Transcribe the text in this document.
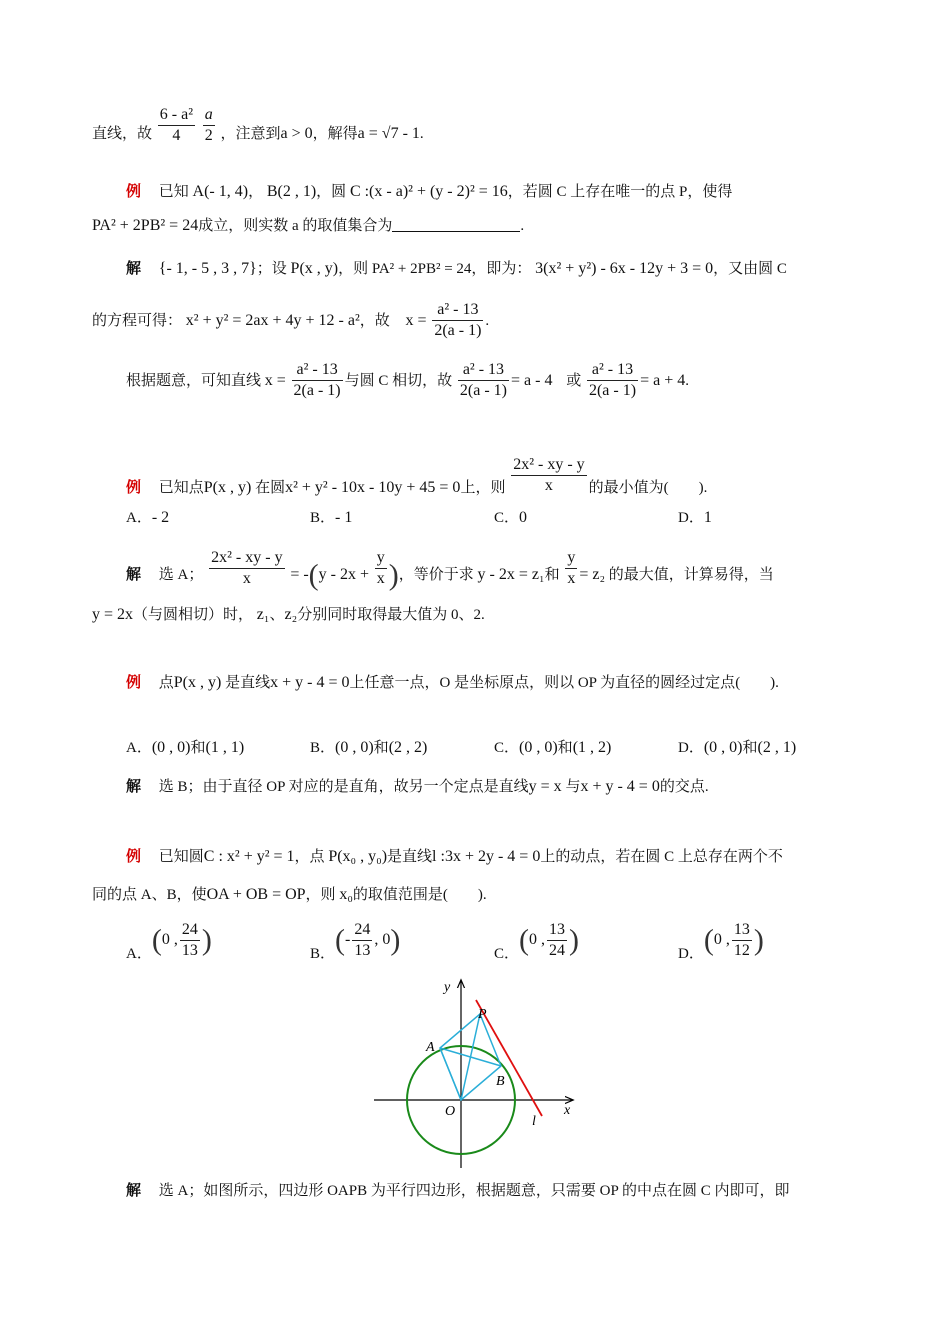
直线，故 $\frac{\text{6 - a²}}{4}$
$\frac{a}{2}$ ，注意到a > 0，解得a = √7 - 1.
例 已知 A(- 1, 4)， B(2 , 1)，圆 C :(x - a)² + (y - 2)² = 16，若圆 C 上存在唯一的点 P，使得
PA² + 2PB² = 24成立，则实数 a 的取值集合为	.
解 {- 1, - 5 , 3 , 7}；设 P(x , y)，则 PA² + 2PB² = 24，即为： 3(x² + y²) - 6x - 12y + 3 = 0，又由圆 C
的方程可得： x² + y² = 2ax + 4y + 12 - a²，故 $x = \frac{\text{a² - 13}}{2(a - 1)}$ .
根据题意，可知直线 $x = \frac{\text{a² - 13}}{2(a - 1)}$ 与圆 C 相切，故 $\frac{\text{a² - 13}}{2(a - 1)} = a - 4$ 或 $\frac{\text{a² - 13}}{2(a - 1)} = a + 4$.
例 已知点P(x , y) 在圆x² + y² - 10x - 10y + 45 = 0上，则 $\frac{\text{2x² - xy - y}}{x}$ 的最小值为(　　).
A．- 2	B．- 1	C．0	D．1
解 选 A； $\frac{\text{2x² - xy - y}}{x} = -(y - 2x + \frac{y}{x}$ )，等价于求 y - 2x = z₁和 $\frac{y}{x} = z_2$ 的最大值，计算易得，当
y = 2x（与圆相切）时， z₁、z₂分别同时取得最大值为 0、2.
例 点P(x , y) 是直线x + y - 4 = 0上任意一点，O 是坐标原点，则以 OP 为直径的圆经过定点(　　).
A．(0 , 0)和(1 , 1)	B．(0 , 0)和(2 , 2)	C．(0 , 0)和(1 , 2)	D．(0 , 0)和(2 , 1)
解 选 B；由于直径 OP 对应的是直角，故另一个定点是直线y = x 与x + y - 4 = 0的交点.
例 已知圆C : x² + y² = 1，点 P(x₀ , y₀)是直线l :3x + 2y - 4 = 0上的动点，若在圆 C 上总存在两个不
同的点 A、B，使OA + OB = OP，则 x₀的取值范围是(　　).
A．(0 , $\frac{24}{13}$ )	B．(- $\frac{24}{13}$ , 0)	C．(0 , $\frac{13}{24}$ )	D．(0 , $\frac{13}{12}$ )
y
x
O
A
B
P
l
解 选 A；如图所示，四边形 OAPB 为平行四边形，根据题意，只需要 OP 的中点在圆 C 内即可，即
